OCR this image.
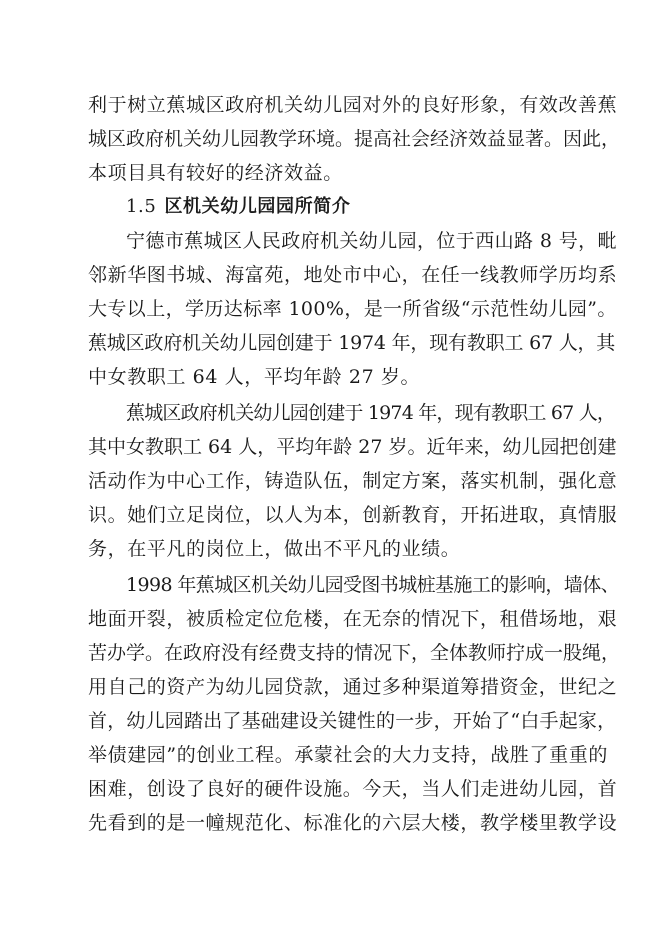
利于树立蕉城区政府机关幼儿园对外的良好形象，有效改善蕉
城区政府机关幼儿园教学环境。提高社会经济效益显著。因此，
本项目具有较好的经济效益。
1.5 区机关幼儿园园所简介
宁德市蕉城区人民政府机关幼儿园，位于西山路 8 号，毗
邻新华图书城、海富苑，地处市中心，在任一线教师学历均系
大专以上，学历达标率 100%，是一所省级“示范性幼儿园”。
蕉城区政府机关幼儿园创建于 1974 年，现有教职工 67 人，其
中女教职工 64 人，平均年龄 27 岁。
蕉城区政府机关幼儿园创建于 1974 年，现有教职工 67 人，
其中女教职工 64 人，平均年龄 27 岁。近年来，幼儿园把创建
活动作为中心工作，铸造队伍，制定方案，落实机制，强化意
识。她们立足岗位，以人为本，创新教育，开拓进取，真情服
务，在平凡的岗位上，做出不平凡的业绩。
1998 年蕉城区机关幼儿园受图书城桩基施工的影响，墙体、
地面开裂，被质检定位危楼，在无奈的情况下，租借场地，艰
苦办学。在政府没有经费支持的情况下，全体教师拧成一股绳，
用自己的资产为幼儿园贷款，通过多种渠道筹措资金，世纪之
首，幼儿园踏出了基础建设关键性的一步，开始了“白手起家，
举债建园”的创业工程。承蒙社会的大力支持，战胜了重重的
困难，创设了良好的硬件设施。今天，当人们走进幼儿园，首
先看到的是一幢规范化、标准化的六层大楼，教学楼里教学设
